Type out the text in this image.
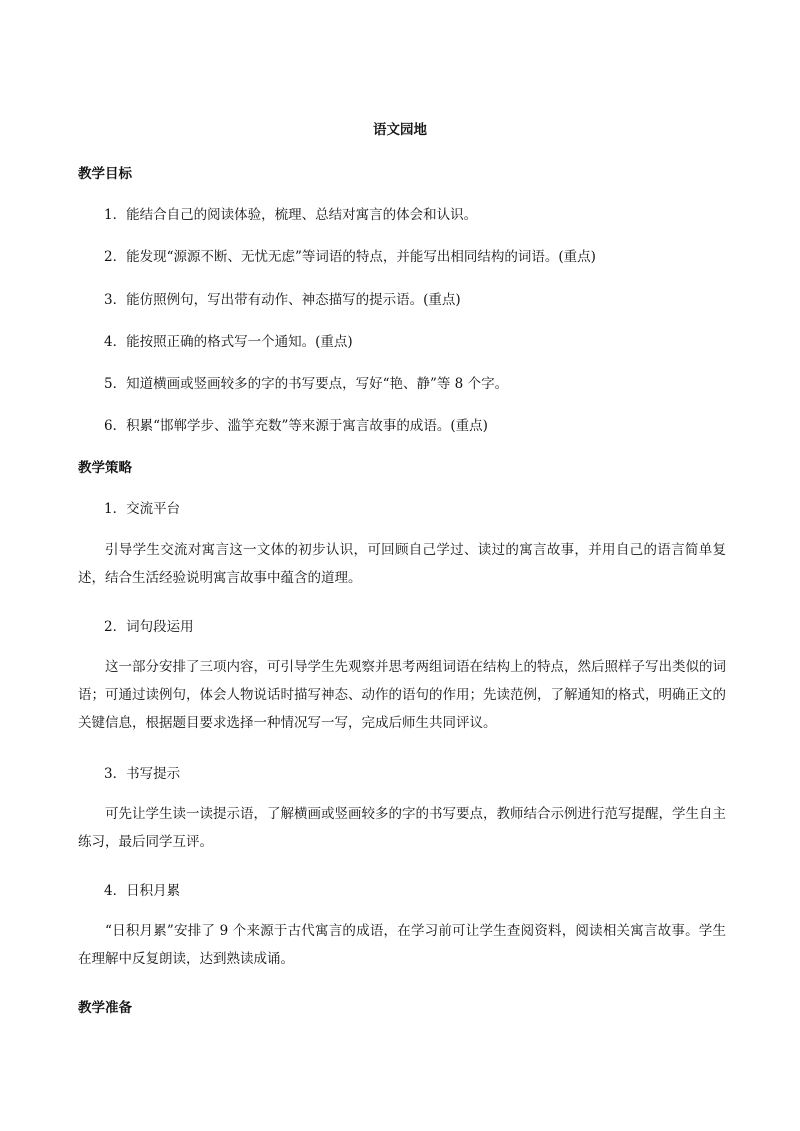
语文园地
教学目标
1．能结合自己的阅读体验，梳理、总结对寓言的体会和认识。
2．能发现“源源不断、无忧无虑”等词语的特点，并能写出相同结构的词语。(重点)
3．能仿照例句，写出带有动作、神态描写的提示语。(重点)
4．能按照正确的格式写一个通知。(重点)
5．知道横画或竖画较多的字的书写要点，写好“艳、静”等 8 个字。
6．积累“邯郸学步、滥竽充数”等来源于寓言故事的成语。(重点)
教学策略
1．交流平台
引导学生交流对寓言这一文体的初步认识，可回顾自己学过、读过的寓言故事，并用自己的语言简单复述，结合生活经验说明寓言故事中蕴含的道理。
2．词句段运用
这一部分安排了三项内容，可引导学生先观察并思考两组词语在结构上的特点，然后照样子写出类似的词语；可通过读例句，体会人物说话时描写神态、动作的语句的作用；先读范例，了解通知的格式，明确正文的关键信息，根据题目要求选择一种情况写一写，完成后师生共同评议。
3．书写提示
可先让学生读一读提示语，了解横画或竖画较多的字的书写要点，教师结合示例进行范写提醒，学生自主练习，最后同学互评。
4．日积月累
“日积月累”安排了 9 个来源于古代寓言的成语，在学习前可让学生查阅资料，阅读相关寓言故事。学生在理解中反复朗读，达到熟读成诵。
教学准备
